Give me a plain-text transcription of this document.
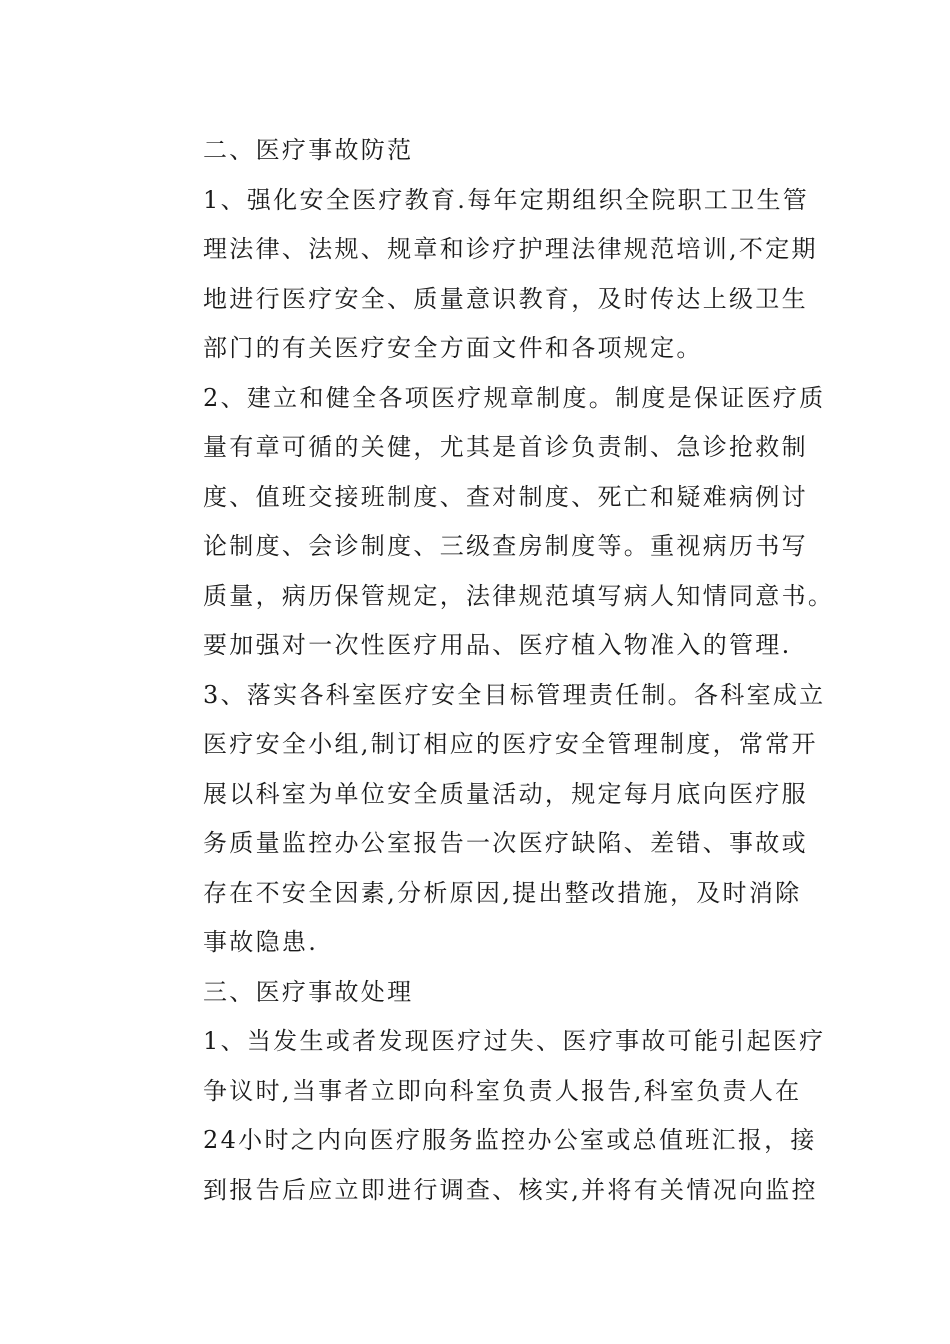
二、医疗事故防范
1、强化安全医疗教育.每年定期组织全院职工卫生管
理法律、法规、规章和诊疗护理法律规范培训,不定期
地进行医疗安全、质量意识教育，及时传达上级卫生
部门的有关医疗安全方面文件和各项规定。
2、建立和健全各项医疗规章制度。制度是保证医疗质
量有章可循的关健，尤其是首诊负责制、急诊抢救制
度、值班交接班制度、查对制度、死亡和疑难病例讨
论制度、会诊制度、三级查房制度等。重视病历书写
质量，病历保管规定，法律规范填写病人知情同意书。
要加强对一次性医疗用品、医疗植入物准入的管理.
3、落实各科室医疗安全目标管理责任制。各科室成立
医疗安全小组,制订相应的医疗安全管理制度，常常开
展以科室为单位安全质量活动，规定每月底向医疗服
务质量监控办公室报告一次医疗缺陷、差错、事故或
存在不安全因素,分析原因,提出整改措施，及时消除
事故隐患.
三、医疗事故处理
1、当发生或者发现医疗过失、医疗事故可能引起医疗
争议时,当事者立即向科室负责人报告,科室负责人在
24小时之内向医疗服务监控办公室或总值班汇报，接
到报告后应立即进行调查、核实,并将有关情况向监控
